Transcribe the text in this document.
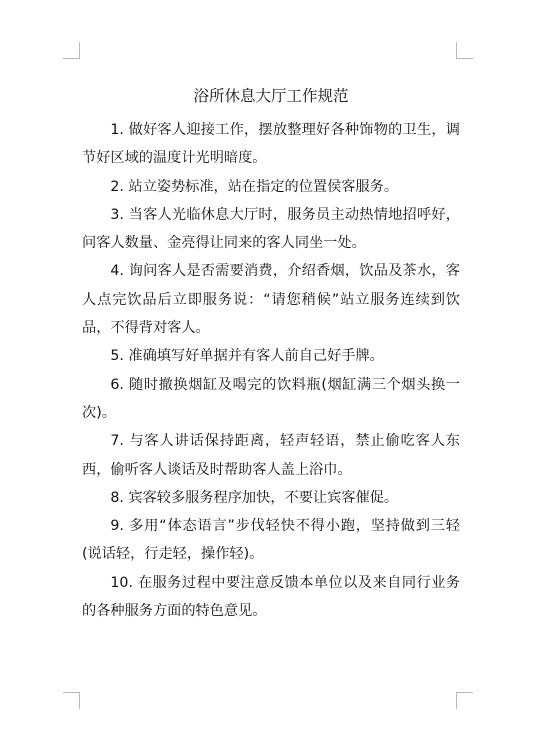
浴所休息大厅工作规范

1. 做好客人迎接工作，摆放整理好各种饰物的卫生，调节好区域的温度计光明暗度。

2. 站立姿势标准，站在指定的位置侯客服务。

3. 当客人光临休息大厅时，服务员主动热情地招呼好，问客人数量、金亮得让同来的客人同坐一处。

4. 询问客人是否需要消费，介绍香烟，饮品及茶水，客人点完饮品后立即服务说：“请您稍候”站立服务连续到饮品，不得背对客人。

5. 准确填写好单据并有客人前自己好手牌。

6. 随时撤换烟缸及喝完的饮料瓶(烟缸满三个烟头换一次)。

7. 与客人讲话保持距离，轻声轻语，禁止偷吃客人东西，偷听客人谈话及时帮助客人盖上浴巾。

8. 宾客较多服务程序加快，不要让宾客催促。

9. 多用“体态语言”步伐轻快不得小跑，坚持做到三轻(说话轻，行走轻，操作轻)。

10. 在服务过程中要注意反馈本单位以及来自同行业务的各种服务方面的特色意见。
